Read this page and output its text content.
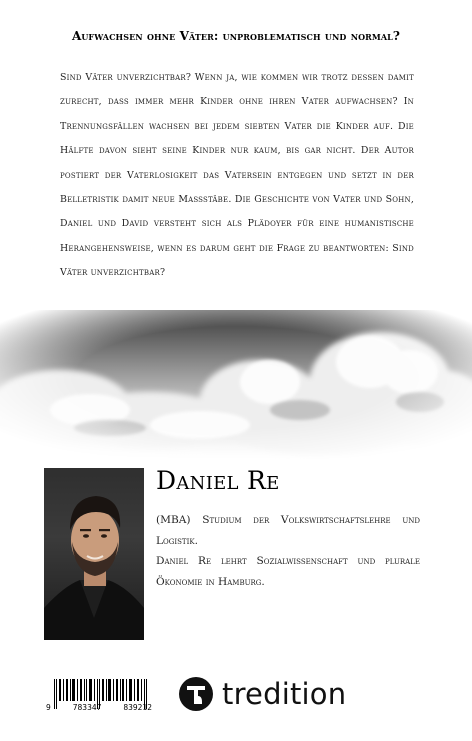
Aufwachsen ohne Väter: unproblematisch und normal?

Sind Väter unverzichtbar? Wenn ja, wie kommen wir trotz dessen damit zurecht, dass immer mehr Kinder ohne ihren Vater aufwachsen? In Trennungsfällen wachsen bei jedem siebten Vater die Kinder auf. Die Hälfte davon sieht seine Kinder nur kaum, bis gar nicht. Der Autor postiert der Vaterlosigkeit das Vatersein entgegen und setzt in der Belletristik damit neue Maßstäbe. Die Geschichte von Vater und Sohn, Daniel und David versteht sich als Plädoyer für eine humanistische Herangehensweise, wenn es darum geht die Frage zu beantworten: Sind Väter unverzichtbar?

Daniel Re

(MBA) Studium der Volkswirtschaftslehre und Logistik.

Daniel Re lehrt Sozialwissenschaft und plurale Ökonomie in Hamburg.

9	783347	839212 tredition
